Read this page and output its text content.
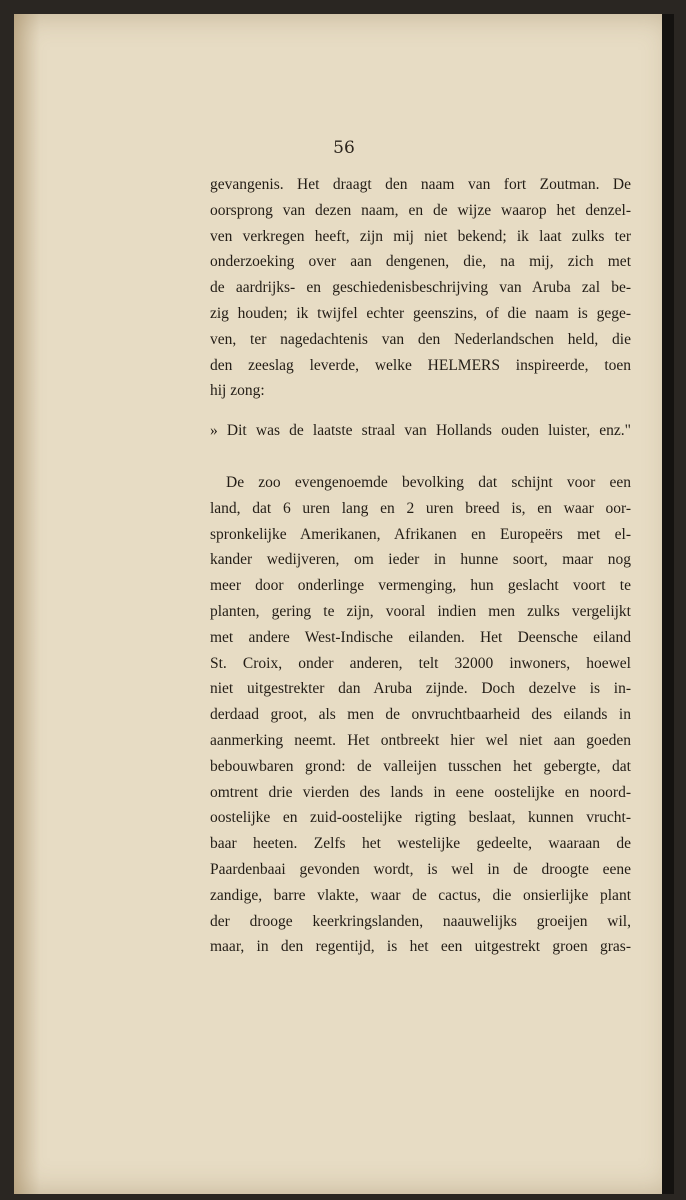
56

gevangenis. Het draagt den naam van fort Zoutman. De
oorsprong van dezen naam, en de wijze waarop het denzel-
ven verkregen heeft, zijn mij niet bekend; ik laat zulks ter
onderzoeking over aan dengenen, die, na mij, zich met
de aardrijks- en geschiedenisbeschrijving van Aruba zal be-
zig houden; ik twijfel echter geenszins, of die naam is gege-
ven, ter nagedachtenis van den Nederlandschen held, die
den zeeslag leverde, welke HELMERS inspireerde, toen
hij zong:
» Dit was de laatste straal van Hollands ouden luister, enz."
De zoo evengenoemde bevolking dat schijnt voor een
land, dat 6 uren lang en 2 uren breed is, en waar oor-
spronkelijke Amerikanen, Afrikanen en Europeërs met el-
kander wedijveren, om ieder in hunne soort, maar nog
meer door onderlinge vermenging, hun geslacht voort te
planten, gering te zijn, vooral indien men zulks vergelijkt
met andere West-Indische eilanden. Het Deensche eiland
St. Croix, onder anderen, telt 32000 inwoners, hoewel
niet uitgestrekter dan Aruba zijnde. Doch dezelve is in-
derdaad groot, als men de onvruchtbaarheid des eilands in
aanmerking neemt. Het ontbreekt hier wel niet aan goeden
bebouwbaren grond: de valleijen tusschen het gebergte, dat
omtrent drie vierden des lands in eene oostelijke en noord-
oostelijke en zuid-oostelijke rigting beslaat, kunnen vrucht-
baar heeten. Zelfs het westelijke gedeelte, waaraan de
Paardenbaai gevonden wordt, is wel in de droogte eene
zandige, barre vlakte, waar de cactus, die onsierlijke plant
der drooge keerkringslanden, naauwelijks groeijen wil,
maar, in den regentijd, is het een uitgestrekt groen gras-
